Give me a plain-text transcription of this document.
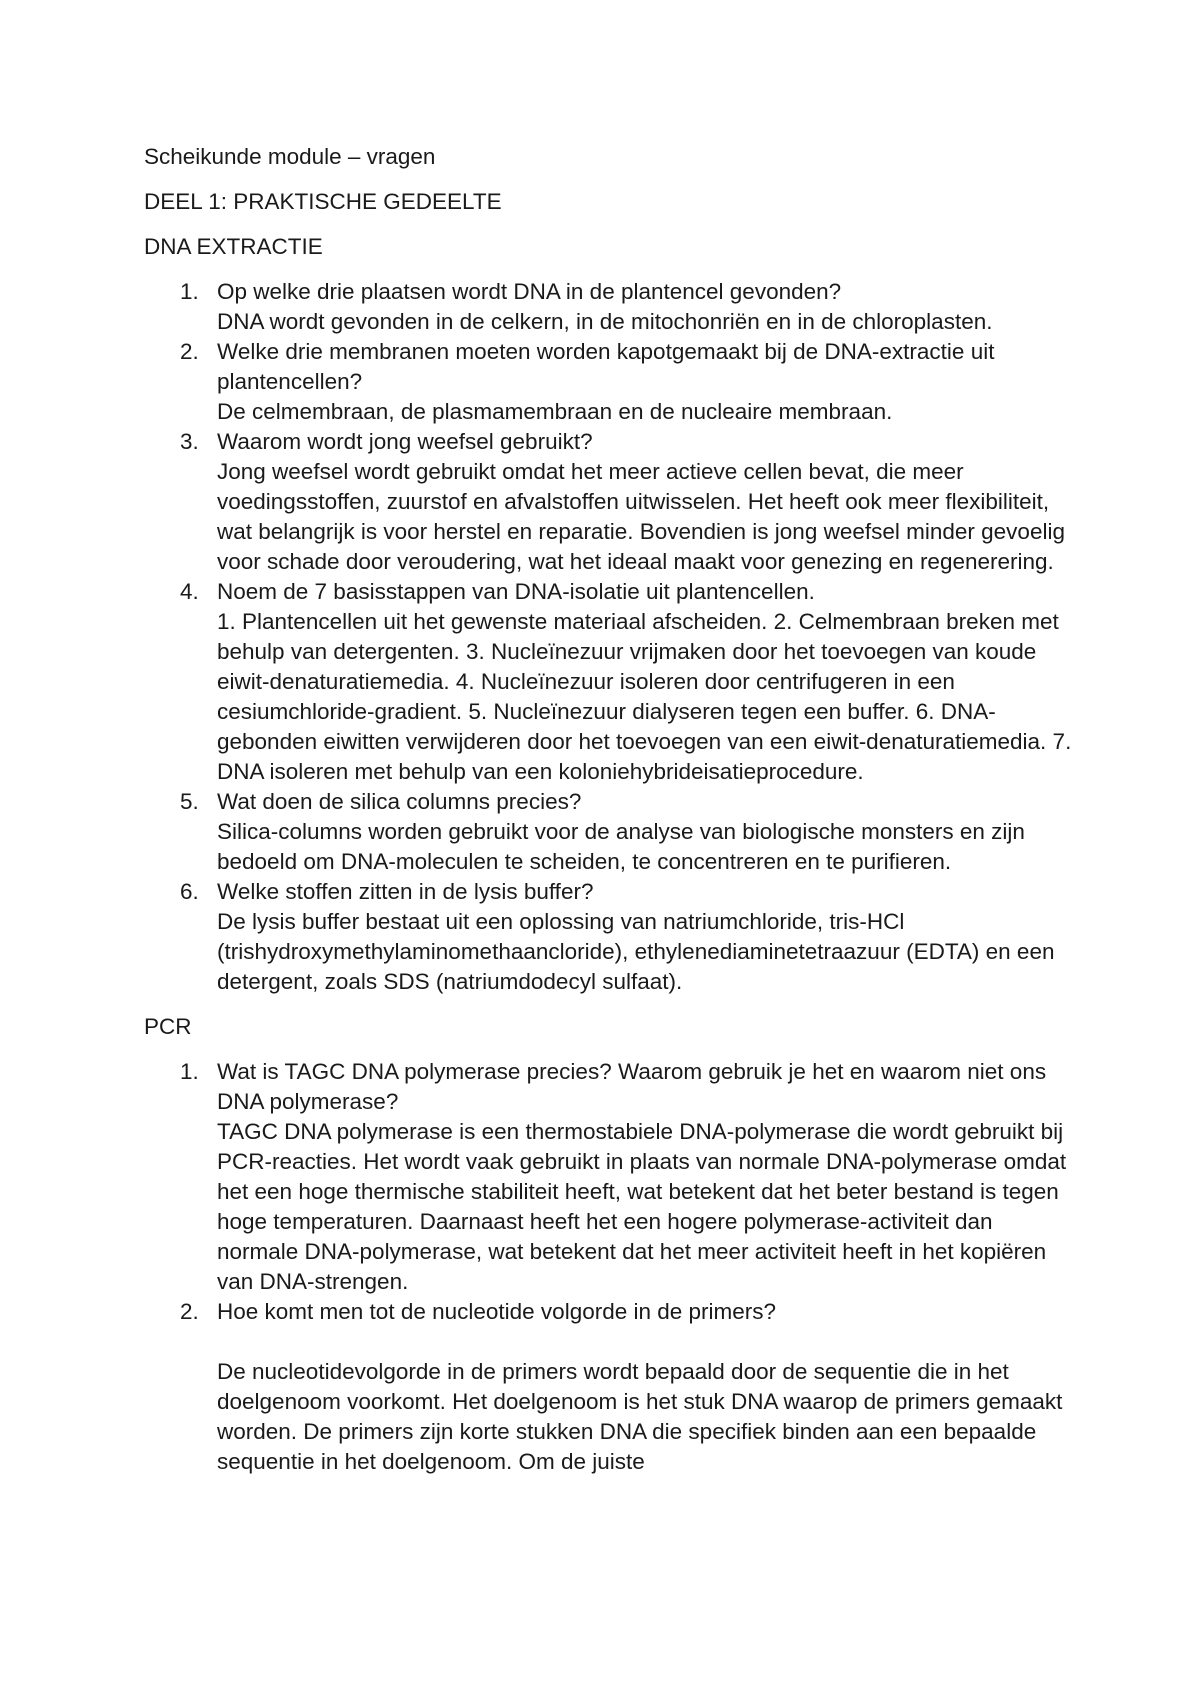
Scheikunde module – vragen

DEEL 1: PRAKTISCHE GEDEELTE

DNA EXTRACTIE

1. Op welke drie plaatsen wordt DNA in de plantencel gevonden?
DNA wordt gevonden in de celkern, in de mitochonriën en in de chloroplasten.
2. Welke drie membranen moeten worden kapotgemaakt bij de DNA-extractie uit plantencellen?
De celmembraan, de plasmamembraan en de nucleaire membraan.
3. Waarom wordt jong weefsel gebruikt?
Jong weefsel wordt gebruikt omdat het meer actieve cellen bevat, die meer voedingsstoffen, zuurstof en afvalstoffen uitwisselen. Het heeft ook meer flexibiliteit, wat belangrijk is voor herstel en reparatie. Bovendien is jong weefsel minder gevoelig voor schade door veroudering, wat het ideaal maakt voor genezing en regenerering.
4. Noem de 7 basisstappen van DNA-isolatie uit plantencellen.
1. Plantencellen uit het gewenste materiaal afscheiden. 2. Celmembraan breken met behulp van detergenten. 3. Nucleïnezuur vrijmaken door het toevoegen van koude eiwit-denaturatiemedia. 4. Nucleïnezuur isoleren door centrifugeren in een cesiumchloride-gradient. 5. Nucleïnezuur dialyseren tegen een buffer. 6. DNA-gebonden eiwitten verwijderen door het toevoegen van een eiwit-denaturatiemedia. 7. DNA isoleren met behulp van een koloniehybrideisatieprocedure.
5. Wat doen de silica columns precies?
Silica-columns worden gebruikt voor de analyse van biologische monsters en zijn bedoeld om DNA-moleculen te scheiden, te concentreren en te purifieren.
6. Welke stoffen zitten in de lysis buffer?
De lysis buffer bestaat uit een oplossing van natriumchloride, tris-HCl (trishydroxymethylaminomethaancloride), ethylenediaminetetraazuur (EDTA) en een detergent, zoals SDS (natriumdodecyl sulfaat).

PCR

1. Wat is TAGC DNA polymerase precies? Waarom gebruik je het en waarom niet ons DNA polymerase?
TAGC DNA polymerase is een thermostabiele DNA-polymerase die wordt gebruikt bij PCR-reacties. Het wordt vaak gebruikt in plaats van normale DNA-polymerase omdat het een hoge thermische stabiliteit heeft, wat betekent dat het beter bestand is tegen hoge temperaturen. Daarnaast heeft het een hogere polymerase-activiteit dan normale DNA-polymerase, wat betekent dat het meer activiteit heeft in het kopiëren van DNA-strengen.
2. Hoe komt men tot de nucleotide volgorde in de primers?
De nucleotidevolgorde in de primers wordt bepaald door de sequentie die in het doelgenoom voorkomt. Het doelgenoom is het stuk DNA waarop de primers gemaakt worden. De primers zijn korte stukken DNA die specifiek binden aan een bepaalde sequentie in het doelgenoom. Om de juiste
